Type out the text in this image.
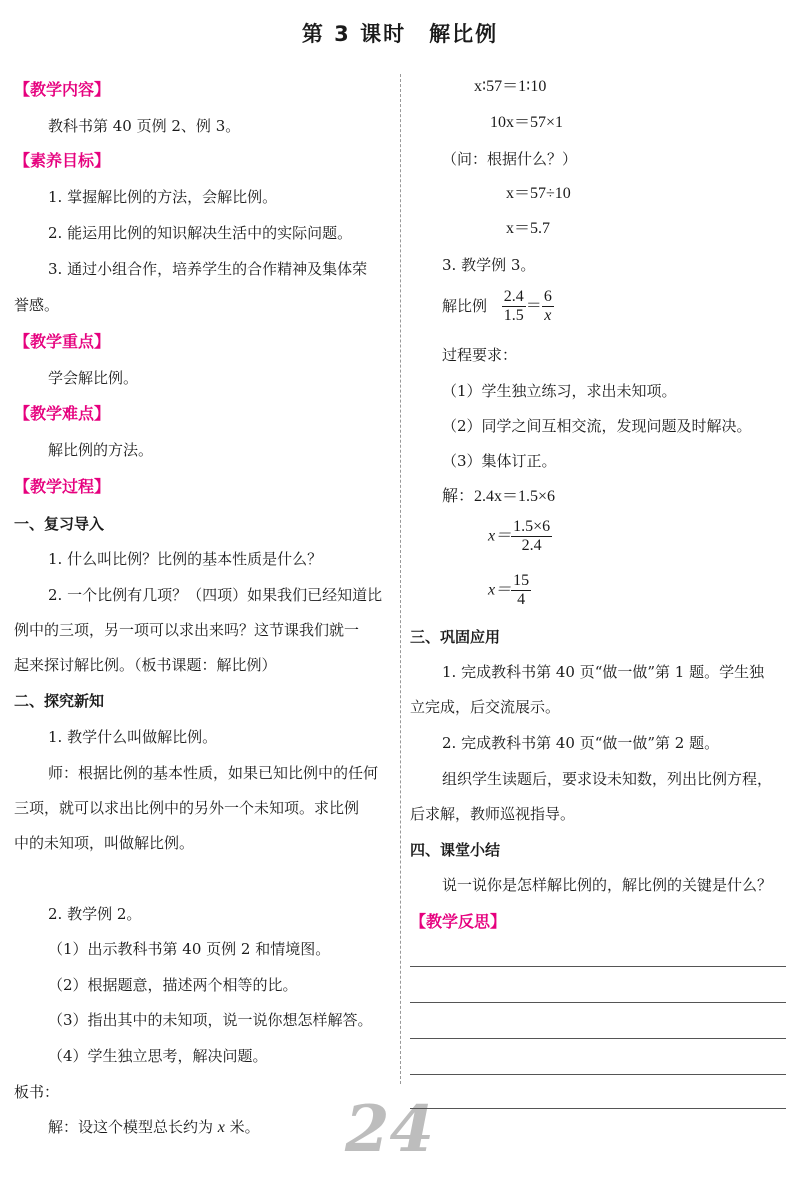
第 3 课时　解比例
【教学内容】
教科书第 40 页例 2、例 3。
【素养目标】
1. 掌握解比例的方法，会解比例。
2. 能运用比例的知识解决生活中的实际问题。
3. 通过小组合作，培养学生的合作精神及集体荣
誉感。
【教学重点】
学会解比例。
【教学难点】
解比例的方法。
【教学过程】
一、复习导入
1. 什么叫比例？比例的基本性质是什么？
2. 一个比例有几项？（四项）如果我们已经知道比
例中的三项，另一项可以求出来吗？这节课我们就一
起来探讨解比例。（板书课题：解比例）
二、探究新知
1. 教学什么叫做解比例。
师：根据比例的基本性质，如果已知比例中的任何
三项，就可以求出比例中的另外一个未知项。求比例
中的未知项，叫做解比例。
2. 教学例 2。
（1）出示教科书第 40 页例 2 和情境图。
（2）根据题意，描述两个相等的比。
（3）指出其中的未知项，说一说你想怎样解答。
（4）学生独立思考，解决问题。
板书：
解：设这个模型总长约为 x 米。 24
x∶57＝1∶10
10x＝57×1
（问：根据什么？）
x＝57÷10
x＝5.7
3. 教学例 3。
解比例 $\frac{2.4}{1.5} = \frac{6}{x}$
过程要求：
（1）学生独立练习，求出未知项。
（2）同学之间互相交流，发现问题及时解决。
（3）集体订正。
解：2.4x＝1.5×6
$x= \frac{1.5\times 6}{2.4}$
$x= \frac{15}{4}$
三、巩固应用
1. 完成教科书第 40 页“做一做”第 1 题。学生独
立完成，后交流展示。
2. 完成教科书第 40 页“做一做”第 2 题。
组织学生读题后，要求设未知数，列出比例方程，
后求解，教师巡视指导。
四、课堂小结
说一说你是怎样解比例的，解比例的关键是什么？
【教学反思】
